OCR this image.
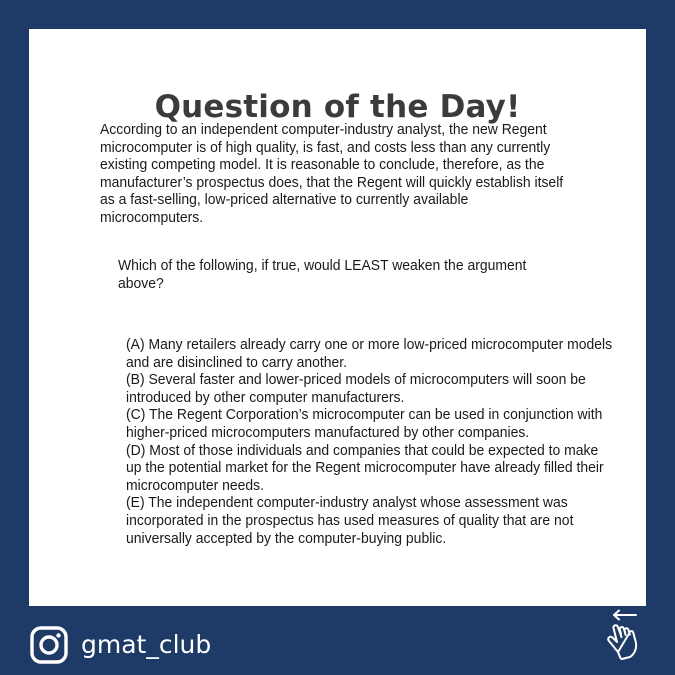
Question of the Day!

According to an independent computer-industry analyst, the new Regent microcomputer is of high quality, is fast, and costs less than any currently existing competing model. It is reasonable to conclude, therefore, as the manufacturer’s prospectus does, that the Regent will quickly establish itself as a fast-selling, low-priced alternative to currently available microcomputers.

Which of the following, if true, would LEAST weaken the argument above?

(A) Many retailers already carry one or more low-priced microcomputer models and are disinclined to carry another.
(B) Several faster and lower-priced models of microcomputers will soon be introduced by other computer manufacturers.
(C) The Regent Corporation’s microcomputer can be used in conjunction with higher-priced microcomputers manufactured by other companies.
(D) Most of those individuals and companies that could be expected to make up the potential market for the Regent microcomputer have already filled their microcomputer needs.
(E) The independent computer-industry analyst whose assessment was incorporated in the prospectus has used measures of quality that are not universally accepted by the computer-buying public.
gmat_club
